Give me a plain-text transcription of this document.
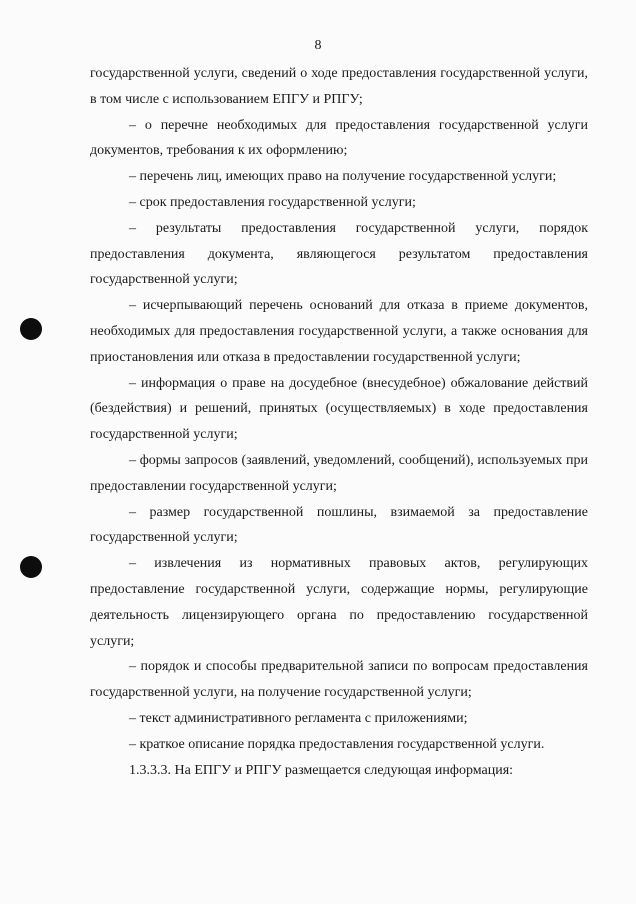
8

государственной услуги, сведений о ходе предоставления государственной услуги, в том числе с использованием ЕПГУ и РПГУ;

– о перечне необходимых для предоставления государственной услуги документов, требования к их оформлению;

– перечень лиц, имеющих право на получение государственной услуги;

– срок предоставления государственной услуги;

– результаты предоставления государственной услуги, порядок предоставления документа, являющегося результатом предоставления государственной услуги;

– исчерпывающий перечень оснований для отказа в приеме документов, необходимых для предоставления государственной услуги, а также основания для приостановления или отказа в предоставлении государственной услуги;

– информация о праве на досудебное (внесудебное) обжалование действий (бездействия) и решений, принятых (осуществляемых) в ходе предоставления государственной услуги;

– формы запросов (заявлений, уведомлений, сообщений), используемых при предоставлении государственной услуги;

– размер государственной пошлины, взимаемой за предоставление государственной услуги;

– извлечения из нормативных правовых актов, регулирующих предоставление государственной услуги, содержащие нормы, регулирующие деятельность лицензирующего органа по предоставлению государственной услуги;

– порядок и способы предварительной записи по вопросам предоставления государственной услуги, на получение государственной услуги;

– текст административного регламента с приложениями;

– краткое описание порядка предоставления государственной услуги.

1.3.3.3. На ЕПГУ и РПГУ размещается следующая информация:
